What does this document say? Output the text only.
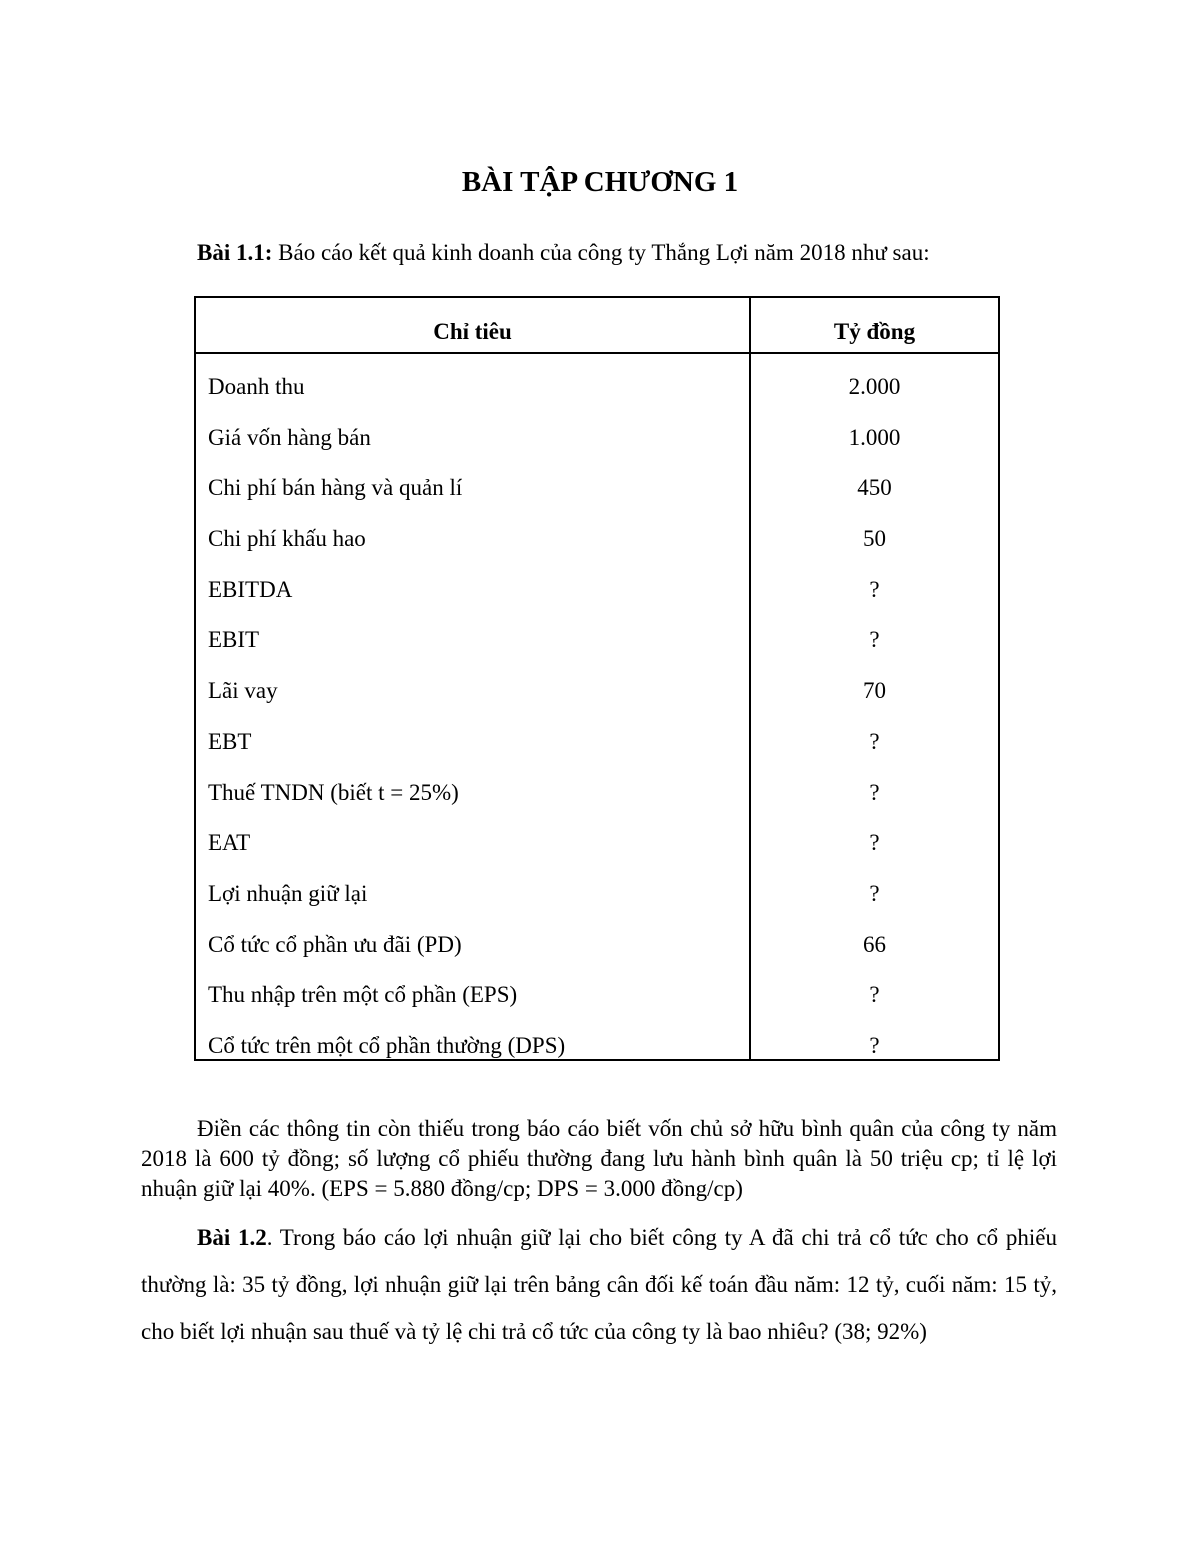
BÀI TẬP CHƯƠNG 1
Bài 1.1: Báo cáo kết quả kinh doanh của công ty Thắng Lợi năm 2018 như sau:
Chỉ tiêu	Tỷ đồng
Doanh thu	2.000
Giá vốn hàng bán	1.000
Chi phí bán hàng và quản lí	450
Chi phí khấu hao	50
EBITDA	?
EBIT	?
Lãi vay	70
EBT	?
Thuế TNDN (biết t = 25%)	?
EAT	?
Lợi nhuận giữ lại	?
Cổ tức cổ phần ưu đãi (PD)	66
Thu nhập trên một cổ phần (EPS)	?
Cổ tức trên một cổ phần thường (DPS)	?
Điền các thông tin còn thiếu trong báo cáo biết vốn chủ sở hữu bình quân của công ty năm 2018 là 600 tỷ đồng; số lượng cổ phiếu thường đang lưu hành bình quân là 50 triệu cp; tỉ lệ lợi nhuận giữ lại 40%. (EPS = 5.880 đồng/cp; DPS = 3.000 đồng/cp)
Bài 1.2. Trong báo cáo lợi nhuận giữ lại cho biết công ty A đã chi trả cổ tức cho cổ phiếu thường là: 35 tỷ đồng, lợi nhuận giữ lại trên bảng cân đối kế toán đầu năm: 12 tỷ, cuối năm: 15 tỷ, cho biết lợi nhuận sau thuế và tỷ lệ chi trả cổ tức của công ty là bao nhiêu? (38; 92%)
